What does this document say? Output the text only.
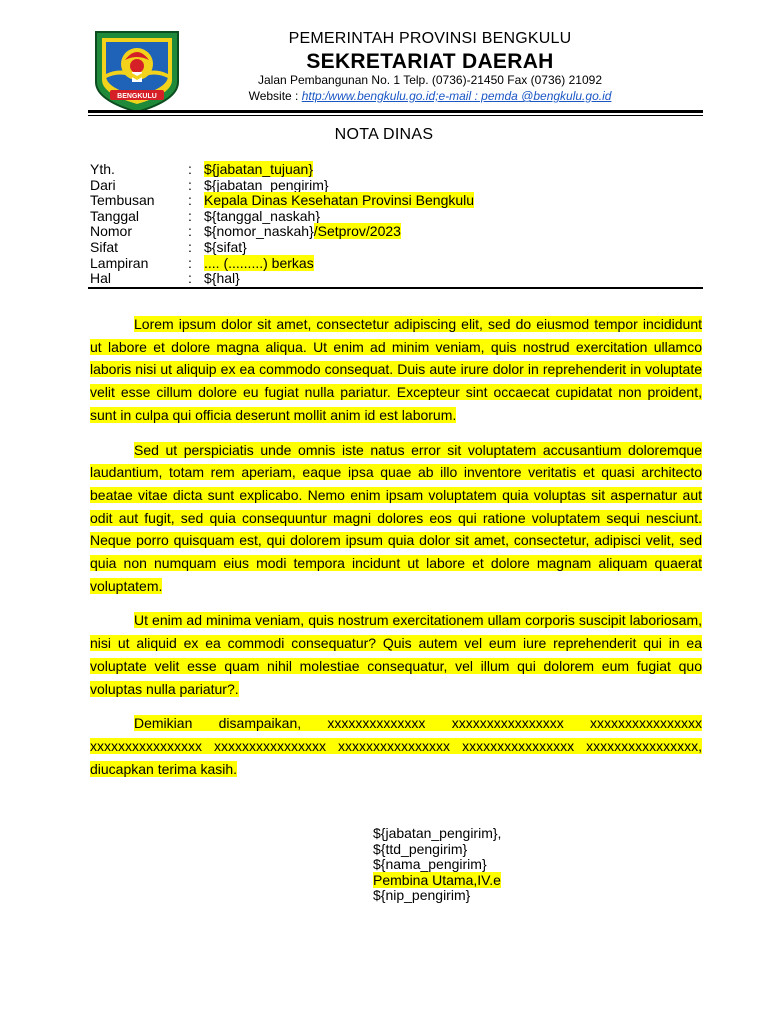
BENGKULU
PEMERINTAH PROVINSI BENGKULU
SEKRETARIAT DAERAH
Jalan Pembangunan No. 1 Telp. (0736)-21450 Fax (0736) 21092
Website : http:/www.bengkulu.go.id;e-mail : pemda @bengkulu.go.id
NOTA DINAS
Yth.	: ${jabatan_tujuan}
Dari	: ${jabatan_pengirim}
Tembusan	: Kepala Dinas Kesehatan Provinsi Bengkulu
Tanggal	: ${tanggal_naskah}
Nomor	: ${nomor_naskah}/Setprov/2023
Sifat	: ${sifat}
Lampiran	: .... (.........) berkas
Hal	: ${hal}

Lorem ipsum dolor sit amet, consectetur adipiscing elit, sed do eiusmod tempor incididunt ut labore et dolore magna aliqua. Ut enim ad minim veniam, quis nostrud exercitation ullamco laboris nisi ut aliquip ex ea commodo consequat. Duis aute irure dolor in reprehenderit in voluptate velit esse cillum dolore eu fugiat nulla pariatur. Excepteur sint occaecat cupidatat non proident, sunt in culpa qui officia deserunt mollit anim id est laborum.

Sed ut perspiciatis unde omnis iste natus error sit voluptatem accusantium doloremque laudantium, totam rem aperiam, eaque ipsa quae ab illo inventore veritatis et quasi architecto beatae vitae dicta sunt explicabo. Nemo enim ipsam voluptatem quia voluptas sit aspernatur aut odit aut fugit, sed quia consequuntur magni dolores eos qui ratione voluptatem sequi nesciunt. Neque porro quisquam est, qui dolorem ipsum quia dolor sit amet, consectetur, adipisci velit, sed quia non numquam eius modi tempora incidunt ut labore et dolore magnam aliquam quaerat voluptatem.

Ut enim ad minima veniam, quis nostrum exercitationem ullam corporis suscipit laboriosam, nisi ut aliquid ex ea commodi consequatur? Quis autem vel eum iure reprehenderit qui in ea voluptate velit esse quam nihil molestiae consequatur, vel illum qui dolorem eum fugiat quo voluptas nulla pariatur?.

Demikian disampaikan, xxxxxxxxxxxxxx xxxxxxxxxxxxxxxx xxxxxxxxxxxxxxxx xxxxxxxxxxxxxxxx xxxxxxxxxxxxxxxx xxxxxxxxxxxxxxxx xxxxxxxxxxxxxxxx xxxxxxxxxxxxxxxx, diucapkan terima kasih.

${jabatan_pengirim},
${ttd_pengirim}
${nama_pengirim}
Pembina Utama,IV.e
${nip_pengirim}
